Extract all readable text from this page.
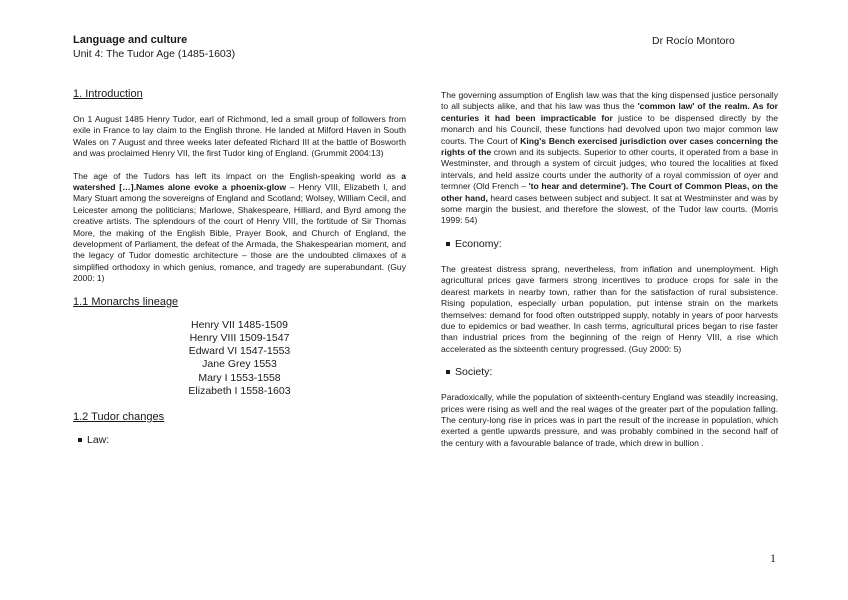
Language and culture
Unit 4: The Tudor Age (1485-1603)
Dr Rocío Montoro
1. Introduction

On 1 August 1485 Henry Tudor, earl of Richmond, led a small group of followers from exile in France to lay claim to the English throne. He landed at Milford Haven in South Wales on 7 August and three weeks later defeated Richard III at the battle of Bosworth and was proclaimed Henry VII, the first Tudor king of England. (Grummit 2004:13)

The age of the Tudors has left its impact on the English-speaking world as a watershed […].Names alone evoke a phoenix-glow – Henry VIII, Elizabeth I, and Mary Stuart among the sovereigns of England and Scotland; Wolsey, William Cecil, and Leicester among the politicians; Marlowe, Shakespeare, Hilliard, and Byrd among the creative artists. The splendours of the court of Henry VIII, the fortitude of Sir Thomas More, the making of the English Bible, Prayer Book, and Church of England, the development of Parliament, the defeat of the Armada, the Shakespearian moment, and the legacy of Tudor domestic architecture – those are the undoubted climaxes of a simplified orthodoxy in which genius, romance, and tragedy are superabundant. (Guy 2000: 1)

1.1 Monarchs lineage
Henry VII 1485-1509
Henry VIII 1509-1547
Edward VI 1547-1553
Jane Grey 1553
Mary I 1553-1558
Elizabeth I 1558-1603
1.2 Tudor changes
Law:

The governing assumption of English law was that the king dispensed justice personally to all subjects alike, and that his law was thus the 'common law' of the realm. As for centuries it had been impracticable for justice to be dispensed directly by the monarch and his Council, these functions had devolved upon two major common law courts. The Court of King's Bench exercised jurisdiction over cases concerning the rights of the crown and its subjects. Superior to other courts, it operated from a base in Westminster, and through a system of circuit judges, who toured the localities at fixed intervals, and held assize courts under the authority of a royal commission of oyer and termner (Old French – 'to hear and determine'). The Court of Common Pleas, on the other hand, heard cases between subject and subject. It sat at Westminster and was by some margin the busiest, and therefore the slowest, of the Tudor law courts. (Morris 1999: 54)

Economy:

The greatest distress sprang, nevertheless, from inflation and unemployment. High agricultural prices gave farmers strong incentives to produce crops for sale in the dearest markets in nearby town, rather than for the satisfaction of rural subsistence. Rising population, especially urban population, put intense strain on the markets themselves: demand for food often outstripped supply, notably in years of poor harvests due to epidemics or bad weather. In cash terms, agricultural prices began to rise faster than industrial prices from the beginning of the reign of Henry VIII, a rise which accelerated as the sixteenth century progressed. (Guy 2000: 5)

Society:

Paradoxically, while the population of sixteenth-century England was steadily increasing, prices were rising as well and the real wages of the greater part of the population falling. The century-long rise in prices was in part the result of the increase in population, which exerted a gentle upwards pressure, and was probably combined in the second half of the century with a favourable balance of trade, which drew in bullion .

1
